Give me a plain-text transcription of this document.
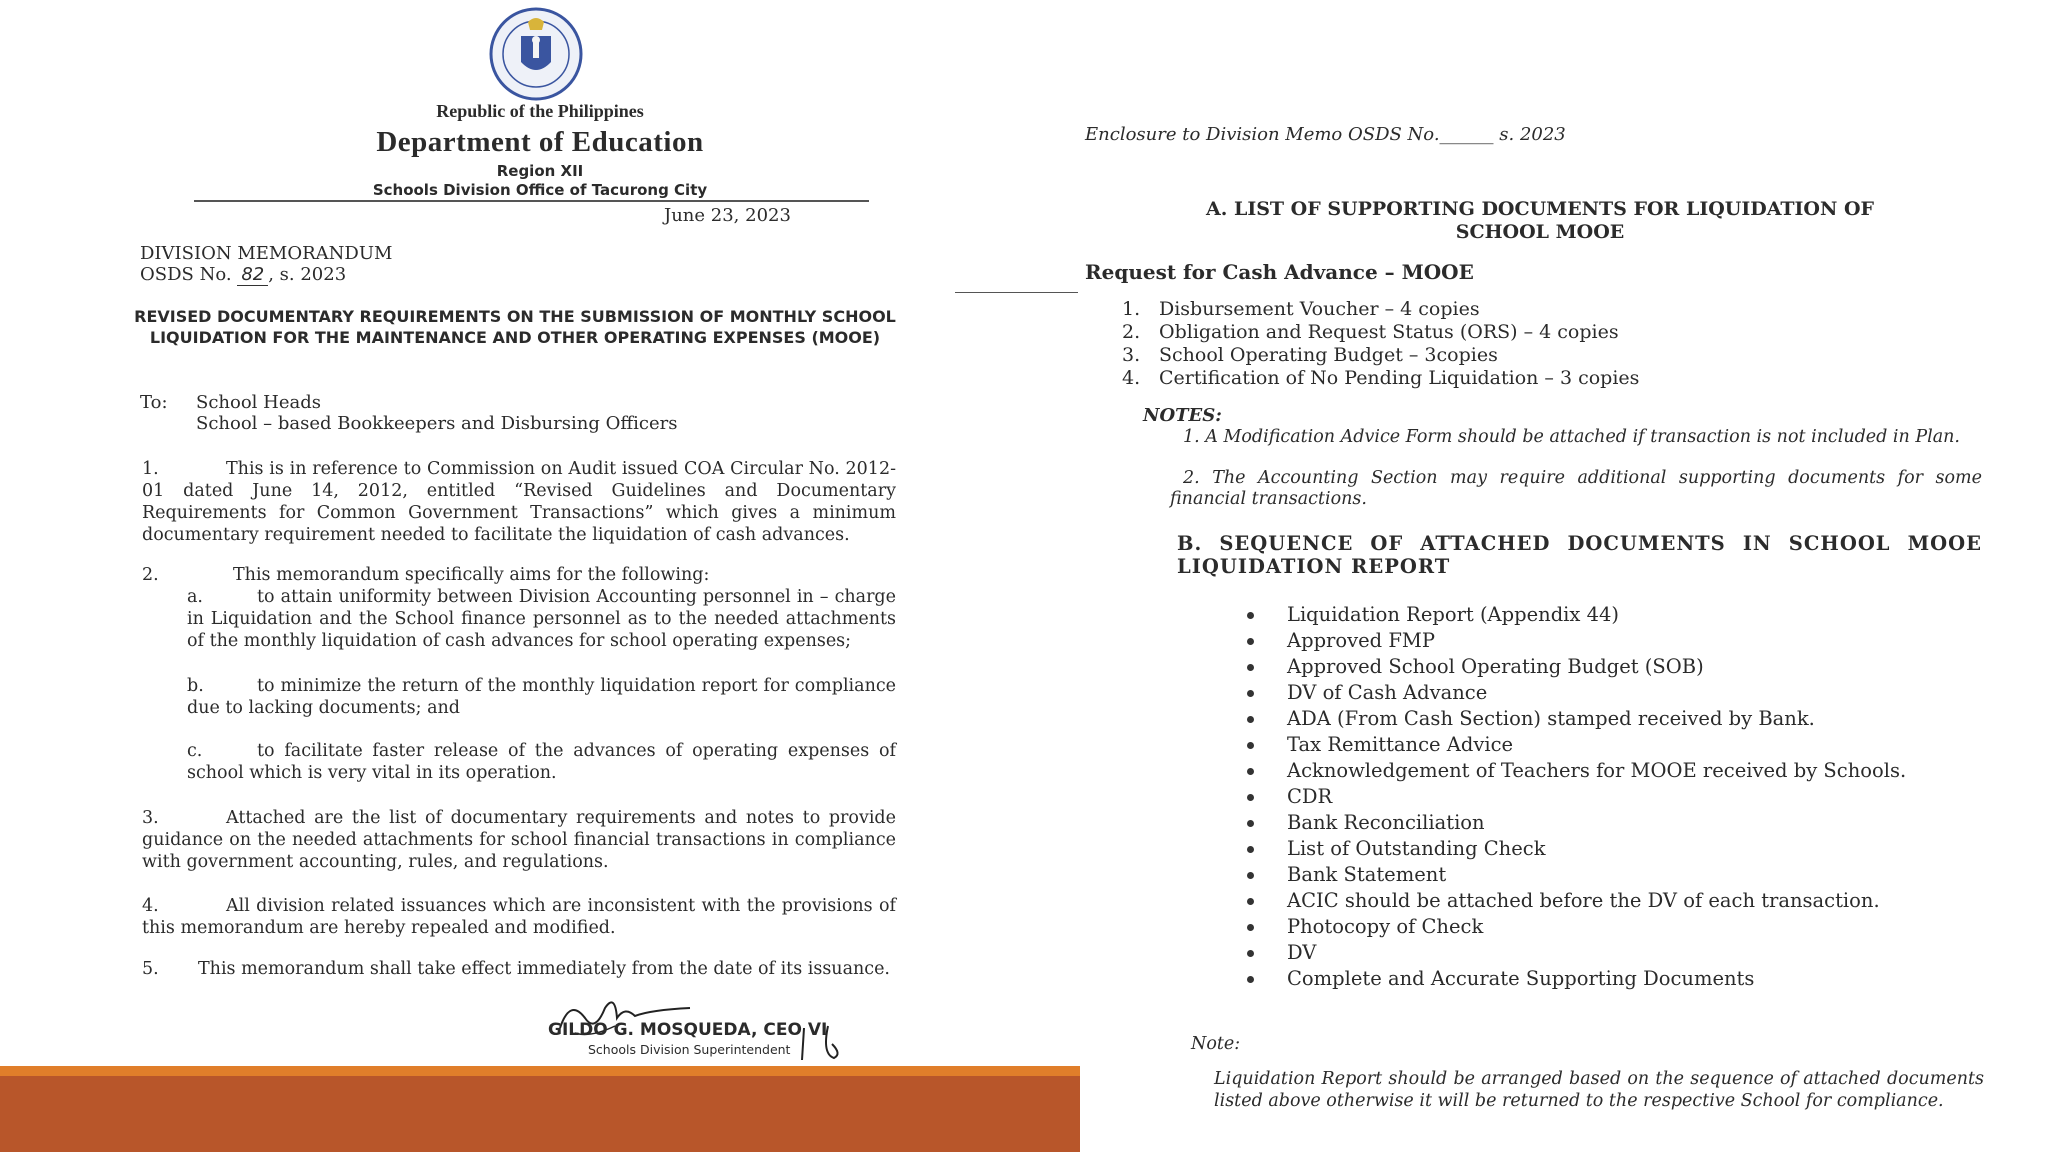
Republic of the Philippines
Department of Education
Region XII
Schools Division Office of Tacurong City
June 23, 2023
DIVISION MEMORANDUM
OSDS No. 82 , s. 2023
REVISED DOCUMENTARY REQUIREMENTS ON THE SUBMISSION OF MONTHLY SCHOOL LIQUIDATION FOR THE MAINTENANCE AND OTHER OPERATING EXPENSES (MOOE)
To: School Heads
School – based Bookkeepers and Disbursing Officers
1.	This is in reference to Commission on Audit issued COA Circular No. 2012-01 dated June 14, 2012, entitled “Revised Guidelines and Documentary Requirements for Common Government Transactions” which gives a minimum documentary requirement needed to facilitate the liquidation of cash advances.
2.	This memorandum specifically aims for the following:
a.	to attain uniformity between Division Accounting personnel in – charge in Liquidation and the School finance personnel as to the needed attachments of the monthly liquidation of cash advances for school operating expenses;
b.	to minimize the return of the monthly liquidation report for compliance due to lacking documents; and
c.	to facilitate faster release of the advances of operating expenses of school which is very vital in its operation.
3.	Attached are the list of documentary requirements and notes to provide guidance on the needed attachments for school financial transactions in compliance with government accounting, rules, and regulations.
4.	All division related issuances which are inconsistent with the provisions of this memorandum are hereby repealed and modified.
5. This memorandum shall take effect immediately from the date of its issuance.
GILDO G. MOSQUEDA, CEO VI
Schools Division Superintendent
Enclosure to Division Memo OSDS No.______ s. 2023
A. LIST OF SUPPORTING DOCUMENTS FOR LIQUIDATION OF SCHOOL MOOE
Request for Cash Advance – MOOE
1. Disbursement Voucher – 4 copies
2. Obligation and Request Status (ORS) – 4 copies
3. School Operating Budget – 3copies
4. Certification of No Pending Liquidation – 3 copies
NOTES:
1. A Modification Advice Form should be attached if transaction is not included in Plan.
2. The Accounting Section may require additional supporting documents for some financial transactions.
B. SEQUENCE OF ATTACHED DOCUMENTS IN SCHOOL MOOE LIQUIDATION REPORT
Liquidation Report (Appendix 44)
Approved FMP
Approved School Operating Budget (SOB)
DV of Cash Advance
ADA (From Cash Section) stamped received by Bank.
Tax Remittance Advice
Acknowledgement of Teachers for MOOE received by Schools.
CDR
Bank Reconciliation
List of Outstanding Check
Bank Statement
ACIC should be attached before the DV of each transaction.
Photocopy of Check
DV
Complete and Accurate Supporting Documents
Note:
Liquidation Report should be arranged based on the sequence of attached documents listed above otherwise it will be returned to the respective School for compliance.
